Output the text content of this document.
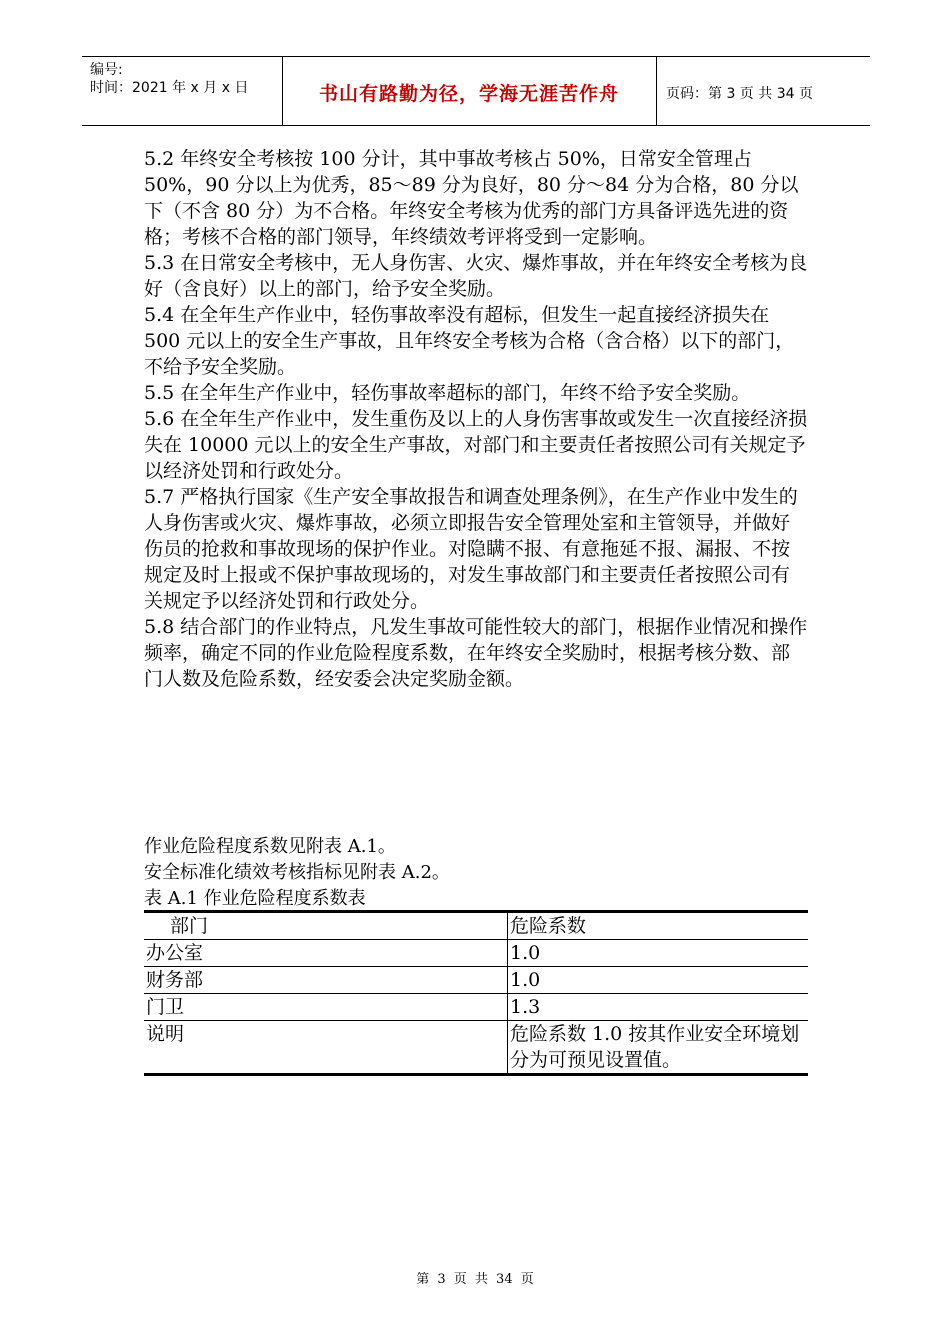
编号:
时间：2021 年 x 月 x 日	书山有路勤为径，学海无涯苦作舟	页码：第 3 页 共 34 页

5.2 年终安全考核按 100 分计，其中事故考核占 50%，日常安全管理占 50%，90 分以上为优秀，85～89 分为良好，80 分～84 分为合格，80 分以下（不含 80 分）为不合格。年终安全考核为优秀的部门方具备评选先进的资格；考核不合格的部门领导，年终绩效考评将受到一定影响。

5.3 在日常安全考核中，无人身伤害、火灾、爆炸事故，并在年终安全考核为良好（含良好）以上的部门，给予安全奖励。

5.4 在全年生产作业中，轻伤事故率没有超标，但发生一起直接经济损失在 500 元以上的安全生产事故，且年终安全考核为合格（含合格）以下的部门，不给予安全奖励。

5.5 在全年生产作业中，轻伤事故率超标的部门，年终不给予安全奖励。

5.6 在全年生产作业中，发生重伤及以上的人身伤害事故或发生一次直接经济损失在 10000 元以上的安全生产事故，对部门和主要责任者按照公司有关规定予以经济处罚和行政处分。

5.7 严格执行国家《生产安全事故报告和调查处理条例》，在生产作业中发生的人身伤害或火灾、爆炸事故，必须立即报告安全管理处室和主管领导，并做好伤员的抢救和事故现场的保护作业。对隐瞒不报、有意拖延不报、漏报、不按规定及时上报或不保护事故现场的，对发生事故部门和主要责任者按照公司有关规定予以经济处罚和行政处分。

5.8 结合部门的作业特点，凡发生事故可能性较大的部门，根据作业情况和操作频率，确定不同的作业危险程度系数，在年终安全奖励时，根据考核分数、部门人数及危险系数，经安委会决定奖励金额。

作业危险程度系数见附表 A.1。

安全标准化绩效考核指标见附表 A.2。

表 A.1 作业危险程度系数表

部门	危险系数
办公室	1.0
财务部	1.0
门卫	1.3
说明	危险系数 1.0 按其作业安全环境划分为可预见设置值。
第 3 页 共 34 页
